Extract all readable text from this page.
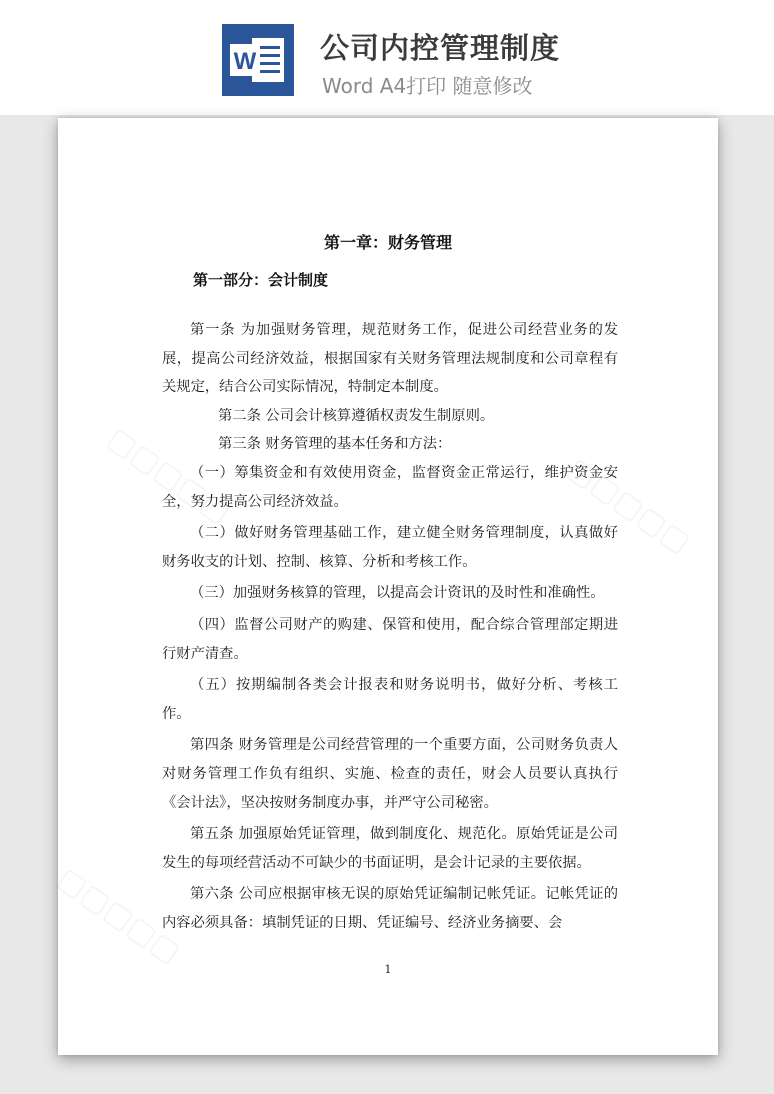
W 公司内控管理制度
Word A4打印 随意修改
第一章：财务管理
第一部分：会计制度

第一条 为加强财务管理，规范财务工作，促进公司经营业务的发展，提高公司经济效益，根据国家有关财务管理法规制度和公司章程有关规定，结合公司实际情况，特制定本制度。

第二条 公司会计核算遵循权责发生制原则。

第三条 财务管理的基本任务和方法：

（一）筹集资金和有效使用资金，监督资金正常运行，维护资金安全，努力提高公司经济效益。

（二）做好财务管理基础工作，建立健全财务管理制度，认真做好财务收支的计划、控制、核算、分析和考核工作。

（三）加强财务核算的管理，以提高会计资讯的及时性和准确性。

（四）监督公司财产的购建、保管和使用，配合综合管理部定期进行财产清查。

（五）按期编制各类会计报表和财务说明书，做好分析、考核工作。

第四条 财务管理是公司经营管理的一个重要方面，公司财务负责人对财务管理工作负有组织、实施、检查的责任，财会人员要认真执行《会计法》，坚决按财务制度办事，并严守公司秘密。

第五条 加强原始凭证管理，做到制度化、规范化。原始凭证是公司发生的每项经营活动不可缺少的书面证明，是会计记录的主要依据。

第六条 公司应根据审核无误的原始凭证编制记帐凭证。记帐凭证的内容必须具备：填制凭证的日期、凭证编号、经济业务摘要、会

1
